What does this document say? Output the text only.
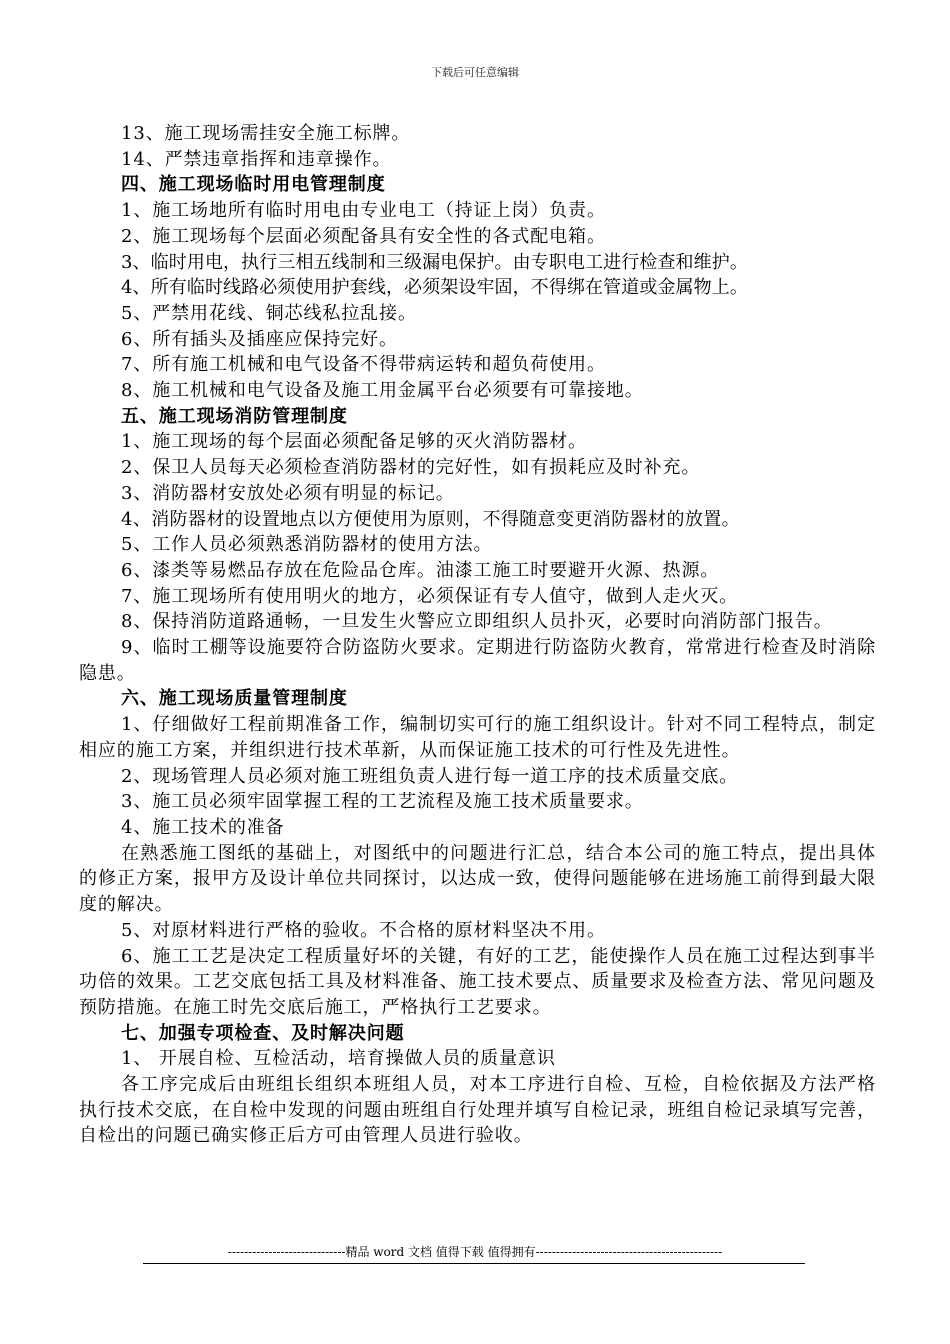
下载后可任意编辑
13、施工现场需挂安全施工标牌。
14、严禁违章指挥和违章操作。
四、施工现场临时用电管理制度
1、施工场地所有临时用电由专业电工（持证上岗）负责。
2、施工现场每个层面必须配备具有安全性的各式配电箱。
3、临时用电，执行三相五线制和三级漏电保护。由专职电工进行检查和维护。
4、所有临时线路必须使用护套线，必须架设牢固，不得绑在管道或金属物上。
5、严禁用花线、铜芯线私拉乱接。
6、所有插头及插座应保持完好。
7、所有施工机械和电气设备不得带病运转和超负荷使用。
8、施工机械和电气设备及施工用金属平台必须要有可靠接地。
五、施工现场消防管理制度
1、施工现场的每个层面必须配备足够的灭火消防器材。
2、保卫人员每天必须检查消防器材的完好性，如有损耗应及时补充。
3、消防器材安放处必须有明显的标记。
4、消防器材的设置地点以方便使用为原则，不得随意变更消防器材的放置。
5、工作人员必须熟悉消防器材的使用方法。
6、漆类等易燃品存放在危险品仓库。油漆工施工时要避开火源、热源。
7、施工现场所有使用明火的地方，必须保证有专人值守，做到人走火灭。
8、保持消防道路通畅，一旦发生火警应立即组织人员扑灭，必要时向消防部门报告。
9、临时工棚等设施要符合防盗防火要求。定期进行防盗防火教育，常常进行检查及时消除隐患。
六、施工现场质量管理制度
1、仔细做好工程前期准备工作，编制切实可行的施工组织设计。针对不同工程特点，制定相应的施工方案，并组织进行技术革新，从而保证施工技术的可行性及先进性。
2、现场管理人员必须对施工班组负责人进行每一道工序的技术质量交底。
3、施工员必须牢固掌握工程的工艺流程及施工技术质量要求。
4、施工技术的准备
在熟悉施工图纸的基础上，对图纸中的问题进行汇总，结合本公司的施工特点，提出具体的修正方案，报甲方及设计单位共同探讨，以达成一致，使得问题能够在进场施工前得到最大限度的解决。
5、对原材料进行严格的验收。不合格的原材料坚决不用。
6、施工工艺是决定工程质量好坏的关键，有好的工艺，能使操作人员在施工过程达到事半功倍的效果。工艺交底包括工具及材料准备、施工技术要点、质量要求及检查方法、常见问题及预防措施。在施工时先交底后施工，严格执行工艺要求。
七、加强专项检查、及时解决问题
1、 开展自检、互检活动，培育操做人员的质量意识
各工序完成后由班组长组织本班组人员，对本工序进行自检、互检，自检依据及方法严格执行技术交底，在自检中发现的问题由班组自行处理并填写自检记录，班组自检记录填写完善，自检出的问题已确实修正后方可由管理人员进行验收。
-----------------------------精品 word 文档 值得下载 值得拥有----------------------------------------------
